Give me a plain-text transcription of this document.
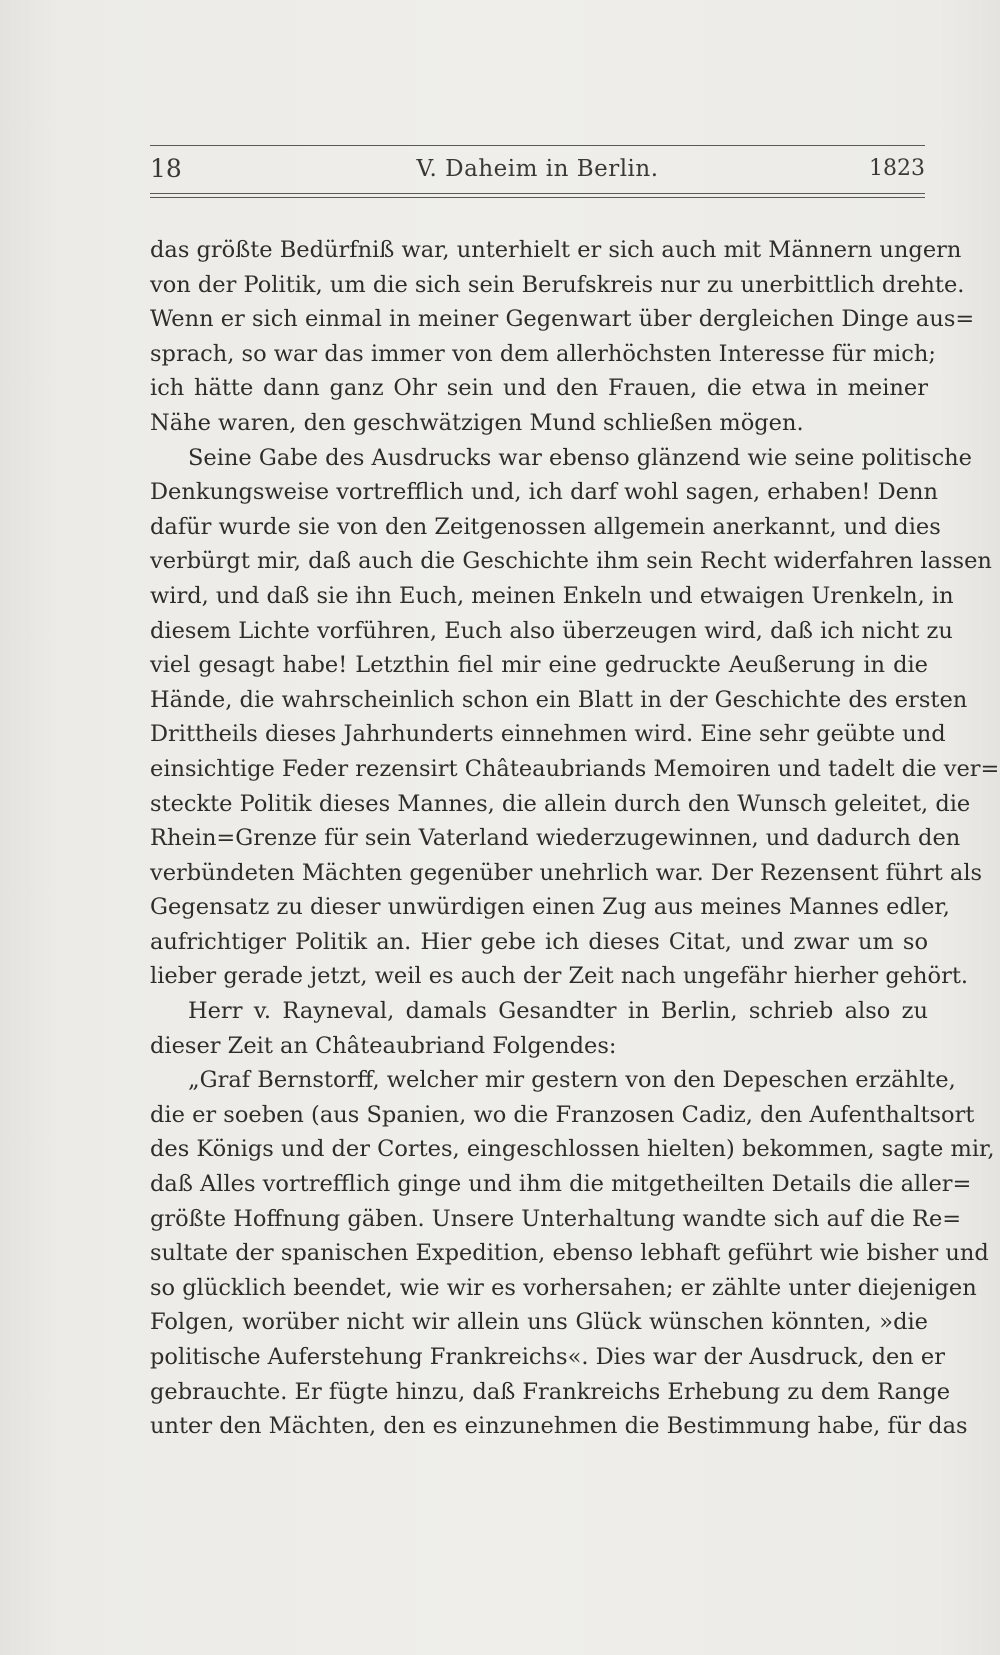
18	V. Daheim in Berlin.	1823

das größte Bedürfniß war, unterhielt er sich auch mit Männern ungern
von der Politik, um die sich sein Berufskreis nur zu unerbittlich drehte.
Wenn er sich einmal in meiner Gegenwart über dergleichen Dinge aus=
sprach, so war das immer von dem allerhöchsten Interesse für mich;
ich hätte dann ganz Ohr sein und den Frauen, die etwa in meiner
Nähe waren, den geschwätzigen Mund schließen mögen.

Seine Gabe des Ausdrucks war ebenso glänzend wie seine politische
Denkungsweise vortrefflich und, ich darf wohl sagen, erhaben! Denn
dafür wurde sie von den Zeitgenossen allgemein anerkannt, und dies
verbürgt mir, daß auch die Geschichte ihm sein Recht widerfahren lassen
wird, und daß sie ihn Euch, meinen Enkeln und etwaigen Urenkeln, in
diesem Lichte vorführen, Euch also überzeugen wird, daß ich nicht zu
viel gesagt habe! Letzthin fiel mir eine gedruckte Aeußerung in die
Hände, die wahrscheinlich schon ein Blatt in der Geschichte des ersten
Drittheils dieses Jahrhunderts einnehmen wird. Eine sehr geübte und
einsichtige Feder rezensirt Châteaubriands Memoiren und tadelt die ver=
steckte Politik dieses Mannes, die allein durch den Wunsch geleitet, die
Rhein=Grenze für sein Vaterland wiederzugewinnen, und dadurch den
verbündeten Mächten gegenüber unehrlich war. Der Rezensent führt als
Gegensatz zu dieser unwürdigen einen Zug aus meines Mannes edler,
aufrichtiger Politik an. Hier gebe ich dieses Citat, und zwar um so
lieber gerade jetzt, weil es auch der Zeit nach ungefähr hierher gehört.

Herr v. Rayneval, damals Gesandter in Berlin, schrieb also zu
dieser Zeit an Châteaubriand Folgendes:

„Graf Bernstorff, welcher mir gestern von den Depeschen erzählte,
die er soeben (aus Spanien, wo die Franzosen Cadiz, den Aufenthaltsort
des Königs und der Cortes, eingeschlossen hielten) bekommen, sagte mir,
daß Alles vortrefflich ginge und ihm die mitgetheilten Details die aller=
größte Hoffnung gäben. Unsere Unterhaltung wandte sich auf die Re=
sultate der spanischen Expedition, ebenso lebhaft geführt wie bisher und
so glücklich beendet, wie wir es vorhersahen; er zählte unter diejenigen
Folgen, worüber nicht wir allein uns Glück wünschen könnten, »die
politische Auferstehung Frankreichs«. Dies war der Ausdruck, den er
gebrauchte. Er fügte hinzu, daß Frankreichs Erhebung zu dem Range
unter den Mächten, den es einzunehmen die Bestimmung habe, für das
